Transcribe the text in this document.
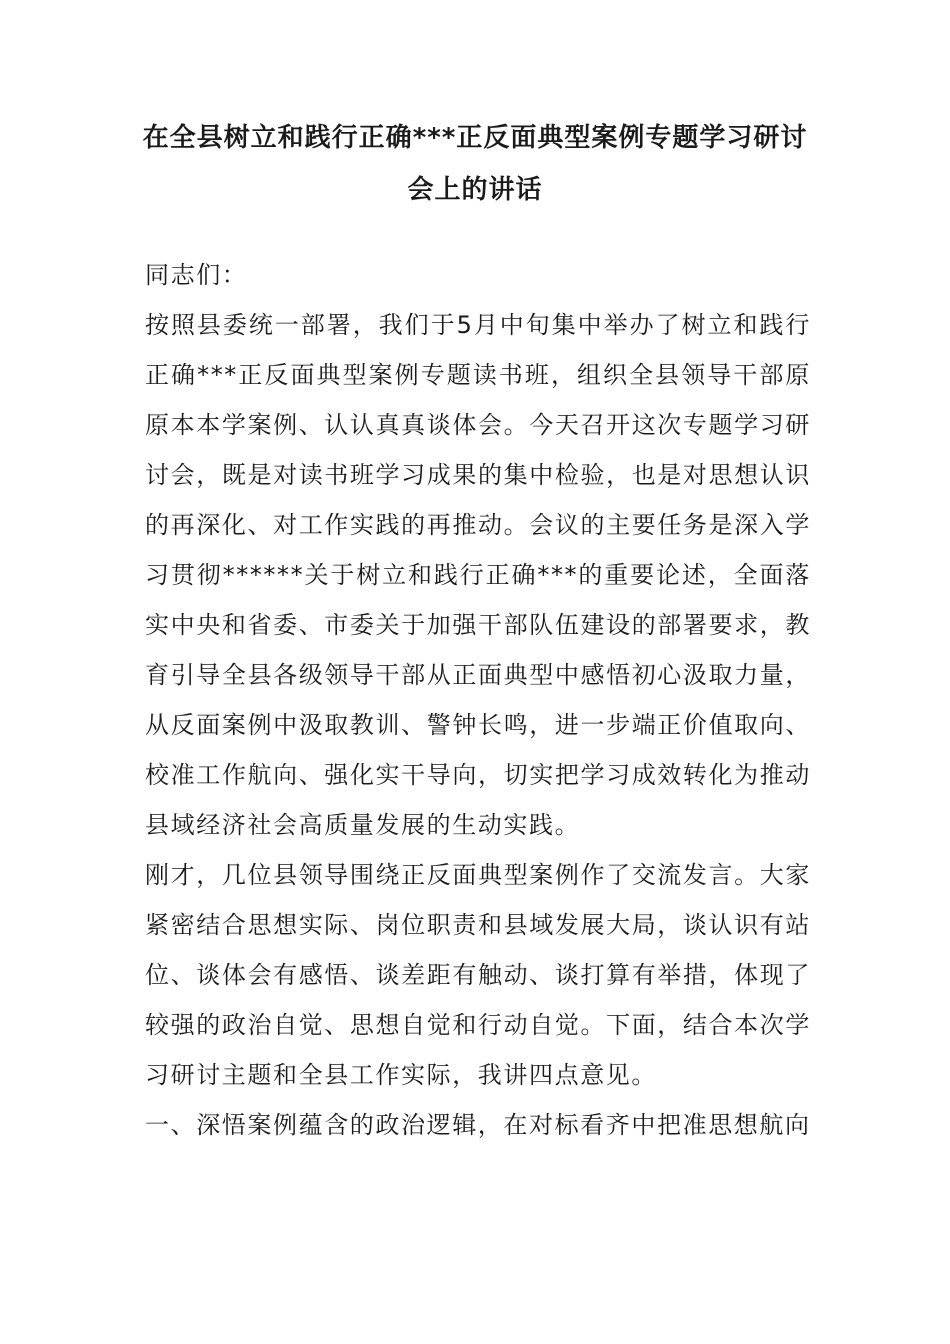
在全县树立和践行正确***正反面典型案例专题学习研讨会上的讲话

同志们：

按照县委统一部署，我们于5月中旬集中举办了树立和践行正确***正反面典型案例专题读书班，组织全县领导干部原原本本学案例、认认真真谈体会。今天召开这次专题学习研讨会，既是对读书班学习成果的集中检验，也是对思想认识的再深化、对工作实践的再推动。会议的主要任务是深入学习贯彻******关于树立和践行正确***的重要论述，全面落实中央和省委、市委关于加强干部队伍建设的部署要求，教育引导全县各级领导干部从正面典型中感悟初心汲取力量，从反面案例中汲取教训、警钟长鸣，进一步端正价值取向、校准工作航向、强化实干导向，切实把学习成效转化为推动县域经济社会高质量发展的生动实践。

刚才，几位县领导围绕正反面典型案例作了交流发言。大家紧密结合思想实际、岗位职责和县域发展大局，谈认识有站位、谈体会有感悟、谈差距有触动、谈打算有举措，体现了较强的政治自觉、思想自觉和行动自觉。下面，结合本次学习研讨主题和全县工作实际，我讲四点意见。

一、深悟案例蕴含的政治逻辑，在对标看齐中把准思想航向
